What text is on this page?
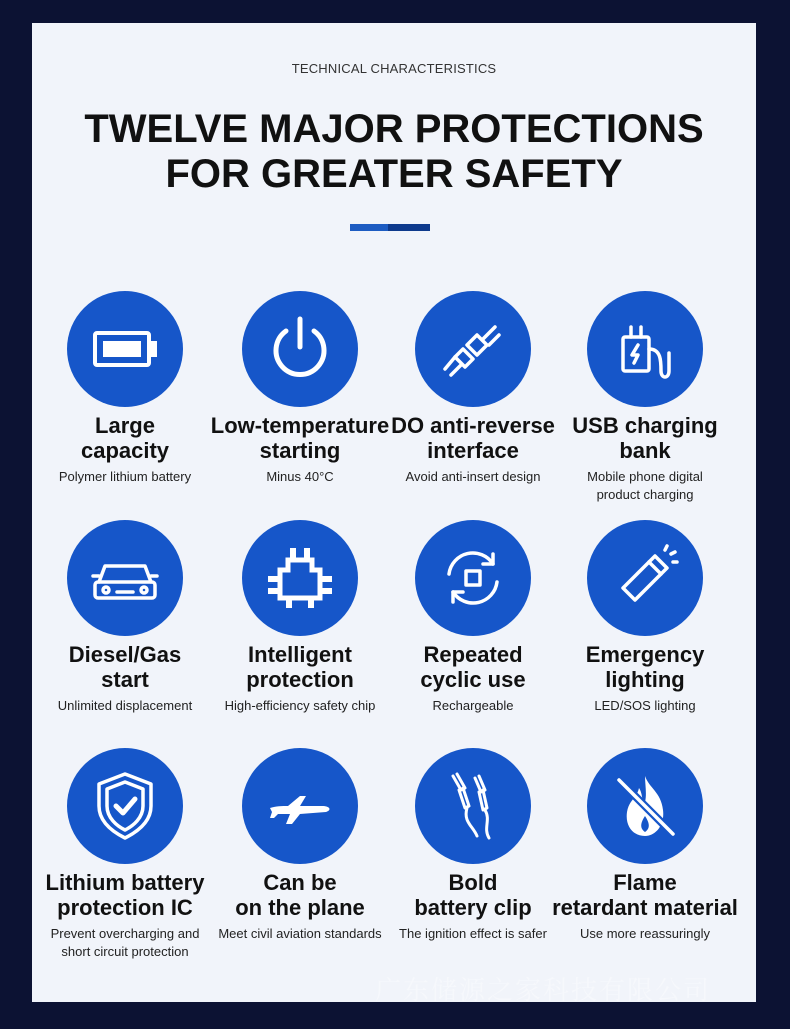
TECHNICAL CHARACTERISTICS
TWELVE MAJOR PROTECTIONS
FOR GREATER SAFETY
Large
capacity
Polymer lithium battery
Low-temperature
starting
Minus 40°C
DO anti-reverse
interface
Avoid anti-insert design
USB charging
bank
Mobile phone digital
product charging
Diesel/Gas
start
Unlimited displacement
Intelligent
protection
High-efficiency safety chip
Repeated
cyclic use
Rechargeable
Emergency
lighting
LED/SOS lighting
Lithium battery
protection IC
Prevent overcharging and
short circuit protection
Can be
on the plane
Meet civil aviation standards
Bold
battery clip
The ignition effect is safer
Flame
retardant material
Use more reassuringly
广东储源之家科技有限公司
